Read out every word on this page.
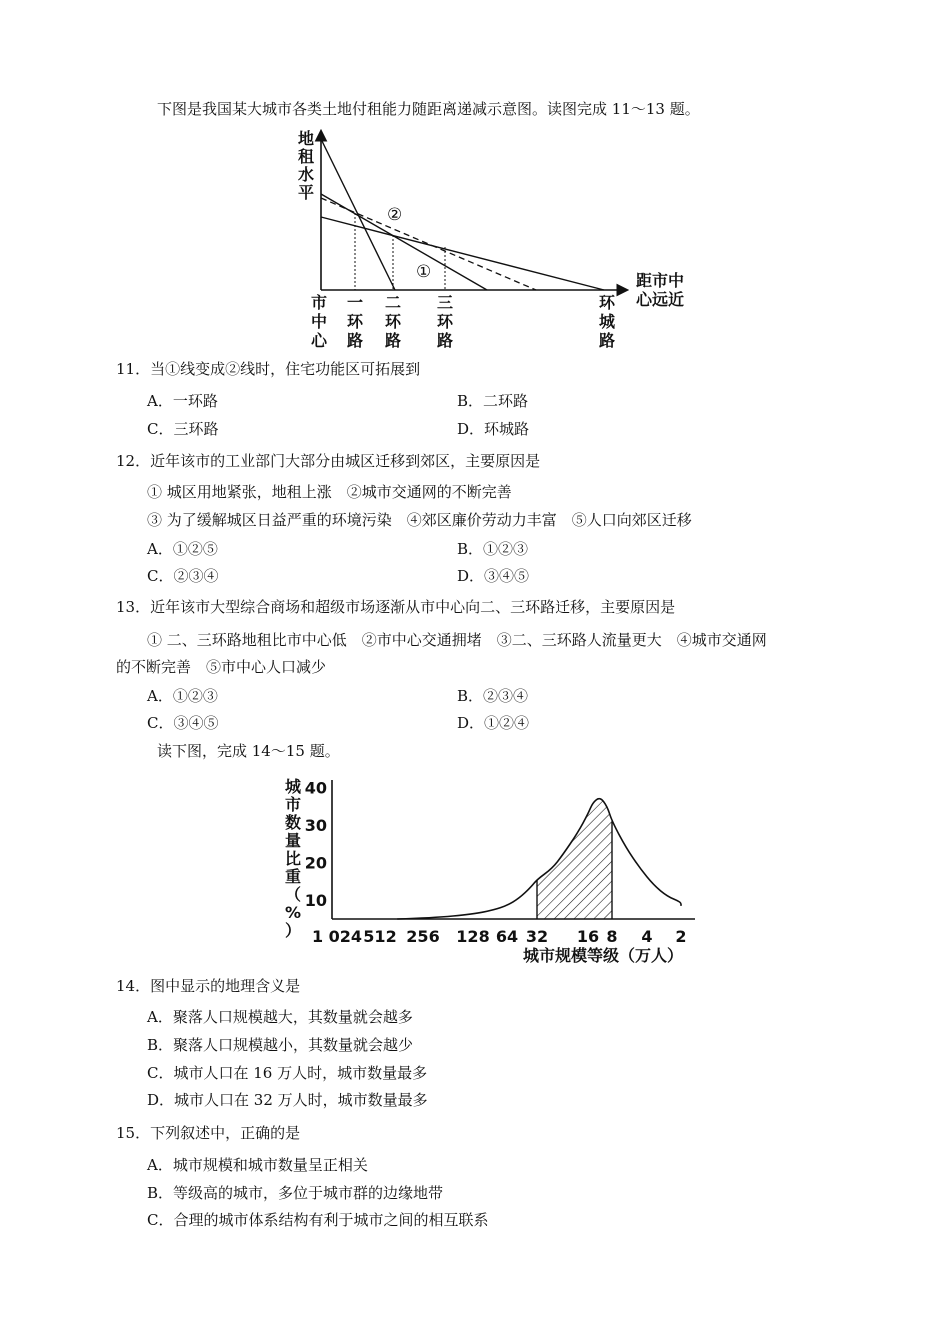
下图是我国某大城市各类土地付租能力随距离递减示意图。读图完成 11～13 题。
②
①
地
租
水
平
距市中
心远近
市
中
心
一
环
路
二
环
路
三
环
路
环
城
路
11．当①线变成②线时，住宅功能区可拓展到
A．一环路	B．二环路
C．三环路	D．环城路
12．近年该市的工业部门大部分由城区迁移到郊区，主要原因是
① 城区用地紧张，地租上涨　②城市交通网的不断完善
③ 为了缓解城区日益严重的环境污染　④郊区廉价劳动力丰富　⑤人口向郊区迁移
A．①②⑤	B．①②③
C．②③④	D．③④⑤
13．近年该市大型综合商场和超级市场逐渐从市中心向二、三环路迁移，主要原因是
① 二、三环路地租比市中心低　②市中心交通拥堵　③二、三环路人流量更大　④城市交通网
的不断完善　⑤市中心人口减少
A．①②③	B．②③④
C．③④⑤	D．①②④
读下图，完成 14～15 题。
城
市
数
量
比
重
（
%
） 1 024 512 256 128 64 32 16 8 4 2
10
20
30
40
城市规模等级（万人）
14．图中显示的地理含义是
A．聚落人口规模越大，其数量就会越多
B．聚落人口规模越小，其数量就会越少
C．城市人口在 16 万人时，城市数量最多
D．城市人口在 32 万人时，城市数量最多
15．下列叙述中，正确的是
A．城市规模和城市数量呈正相关
B．等级高的城市，多位于城市群的边缘地带
C．合理的城市体系结构有利于城市之间的相互联系
